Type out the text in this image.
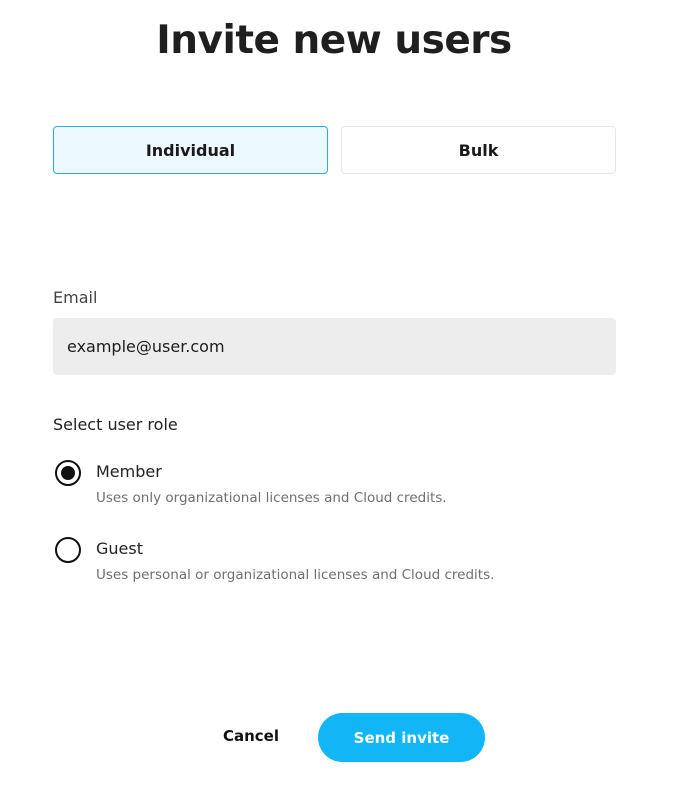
Invite new users
Individual	Bulk
Email
example@user.com
Select user role
Member
Uses only organizational licenses and Cloud credits.
Guest
Uses personal or organizational licenses and Cloud credits.
Cancel	Send invite
